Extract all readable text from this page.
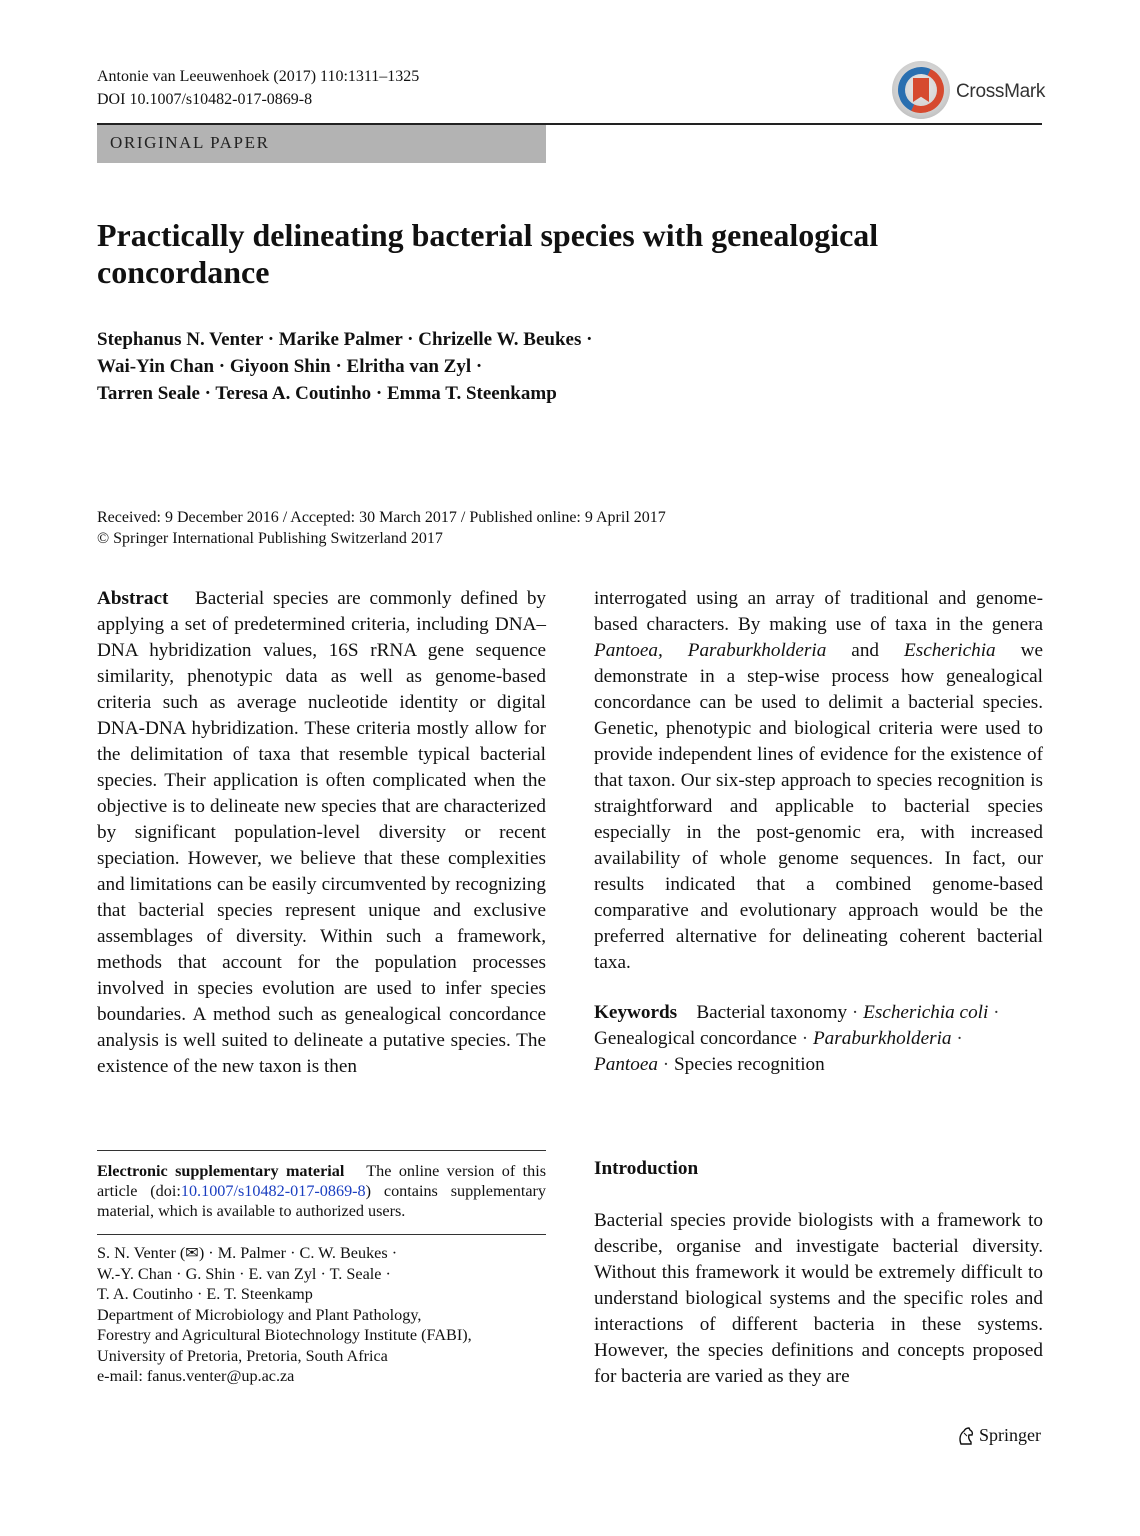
Antonie van Leeuwenhoek (2017) 110:1311–1325
DOI 10.1007/s10482-017-0869-8	CrossMark
ORIGINAL PAPER
Practically delineating bacterial species with genealogical concordance
Stephanus N. Venter · Marike Palmer · Chrizelle W. Beukes ·
Wai-Yin Chan · Giyoon Shin · Elritha van Zyl ·
Tarren Seale · Teresa A. Coutinho · Emma T. Steenkamp
Received: 9 December 2016 / Accepted: 30 March 2017 / Published online: 9 April 2017
© Springer International Publishing Switzerland 2017

Abstract Bacterial species are commonly defined by applying a set of predetermined criteria, including DNA–DNA hybridization values, 16S rRNA gene sequence similarity, phenotypic data as well as genome-based criteria such as average nucleotide identity or digital DNA-DNA hybridization. These criteria mostly allow for the delimitation of taxa that resemble typical bacterial species. Their application is often complicated when the objective is to delineate new species that are characterized by significant population-level diversity or recent speciation. However, we believe that these complexities and limitations can be easily circumvented by recognizing that bacterial species represent unique and exclusive assemblages of diversity. Within such a framework, methods that account for the population processes involved in species evolution are used to infer species boundaries. A method such as genealogical concordance analysis is well suited to delineate a putative species. The existence of the new taxon is then

interrogated using an array of traditional and genome-based characters. By making use of taxa in the genera Pantoea, Paraburkholderia and Escherichia we demonstrate in a step-wise process how genealogical concordance can be used to delimit a bacterial species. Genetic, phenotypic and biological criteria were used to provide independent lines of evidence for the existence of that taxon. Our six-step approach to species recognition is straightforward and applicable to bacterial species especially in the post-genomic era, with increased availability of whole genome sequences. In fact, our results indicated that a combined genome-based comparative and evolutionary approach would be the preferred alternative for delineating coherent bacterial taxa.

Keywords Bacterial taxonomy · Escherichia coli ·
Genealogical concordance · Paraburkholderia ·
Pantoea · Species recognition
Electronic supplementary material The online version of this article (doi:10.1007/s10482-017-0869-8) contains supplementary material, which is available to authorized users.
S. N. Venter (✉) · M. Palmer · C. W. Beukes ·
W.-Y. Chan · G. Shin · E. van Zyl · T. Seale ·
T. A. Coutinho · E. T. Steenkamp
Department of Microbiology and Plant Pathology,
Forestry and Agricultural Biotechnology Institute (FABI),
University of Pretoria, Pretoria, South Africa
e-mail: fanus.venter@up.ac.za
Introduction

Bacterial species provide biologists with a framework to describe, organise and investigate bacterial diversity. Without this framework it would be extremely difficult to understand biological systems and the specific roles and interactions of different bacteria in these systems. However, the species definitions and concepts proposed for bacteria are varied as they are

Springer
